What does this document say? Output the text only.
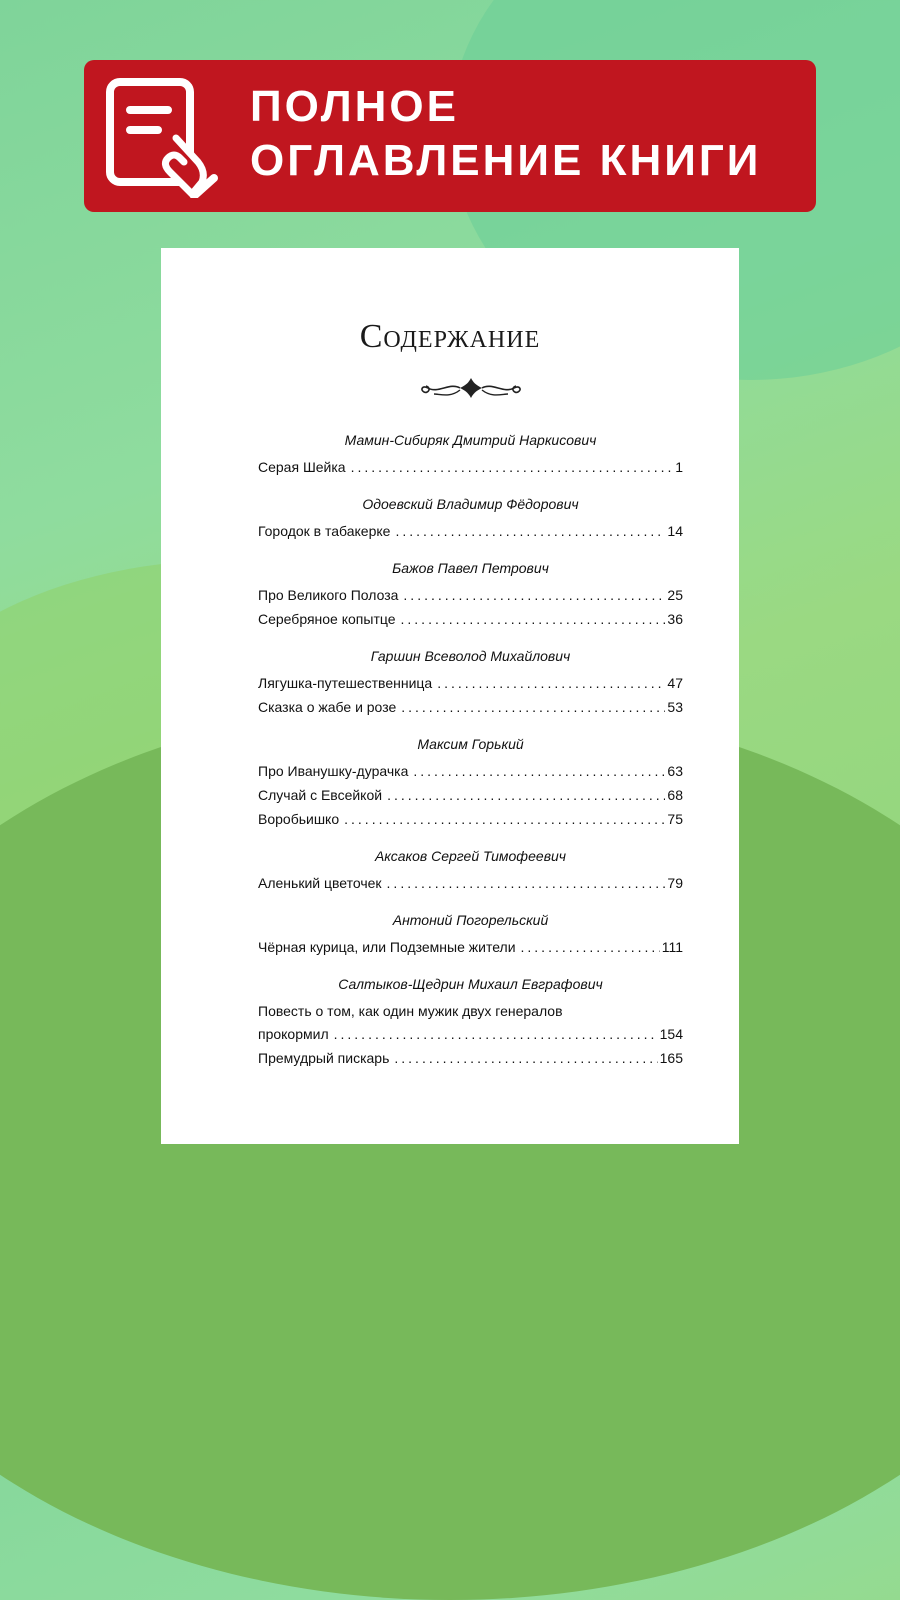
ПОЛНОЕ
ОГЛАВЛЕНИЕ КНИГИ
Содержание
Мамин-Сибиряк Дмитрий Наркисович
Серая Шейка .....	1
Одоевский Владимир Фёдорович
Городок в табакерке .....	14
Бажов Павел Петрович
Про Великого Полоза .....	25
Серебряное копытце .....	36
Гаршин Всеволод Михайлович
Лягушка-путешественница .....	47
Сказка о жабе и розе .....	53
Максим Горький
Про Иванушку-дурачка .....	63
Случай с Евсейкой .....	68
Воробьишко .....	75
Аксаков Сергей Тимофеевич
Аленький цветочек .....	79
Антоний Погорельский
Чёрная курица, или Подземные жители .....	111
Салтыков-Щедрин Михаил Евграфович
Повесть о том, как один мужик двух генералов
прокормил .....	154
Премудрый пискарь .....	165
